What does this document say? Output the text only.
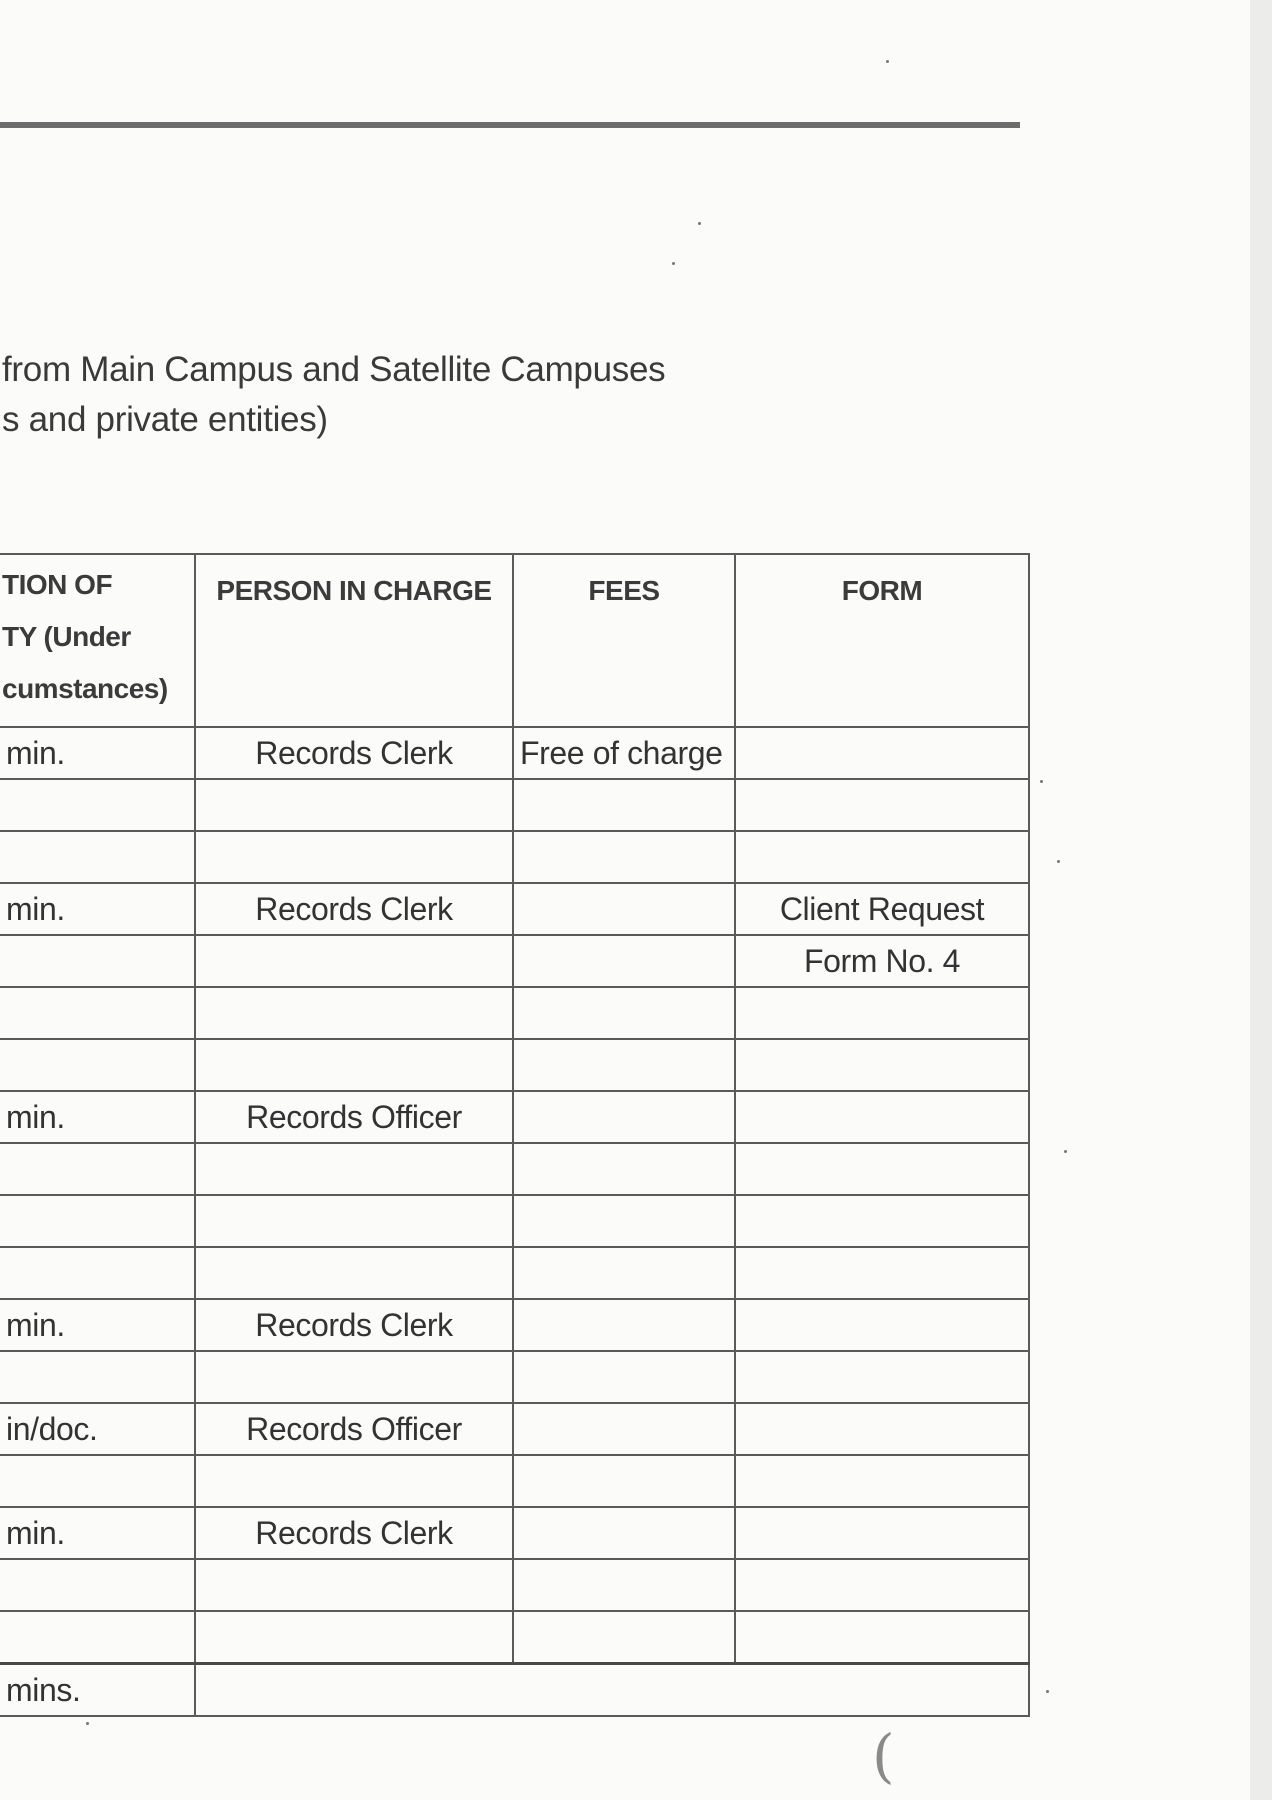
from Main Campus and Satellite Campuses
s and private entities)
TION OF
TY (Under
cumstances)	PERSON IN CHARGE	FEES	FORM
min.	Records Clerk	Free of charge	

min.	Records Clerk		Client Request
			Form No. 4

min.	Records Officer		

min.	Records Clerk		

in/doc.	Records Officer		

min.	Records Clerk		

mins.			
(
